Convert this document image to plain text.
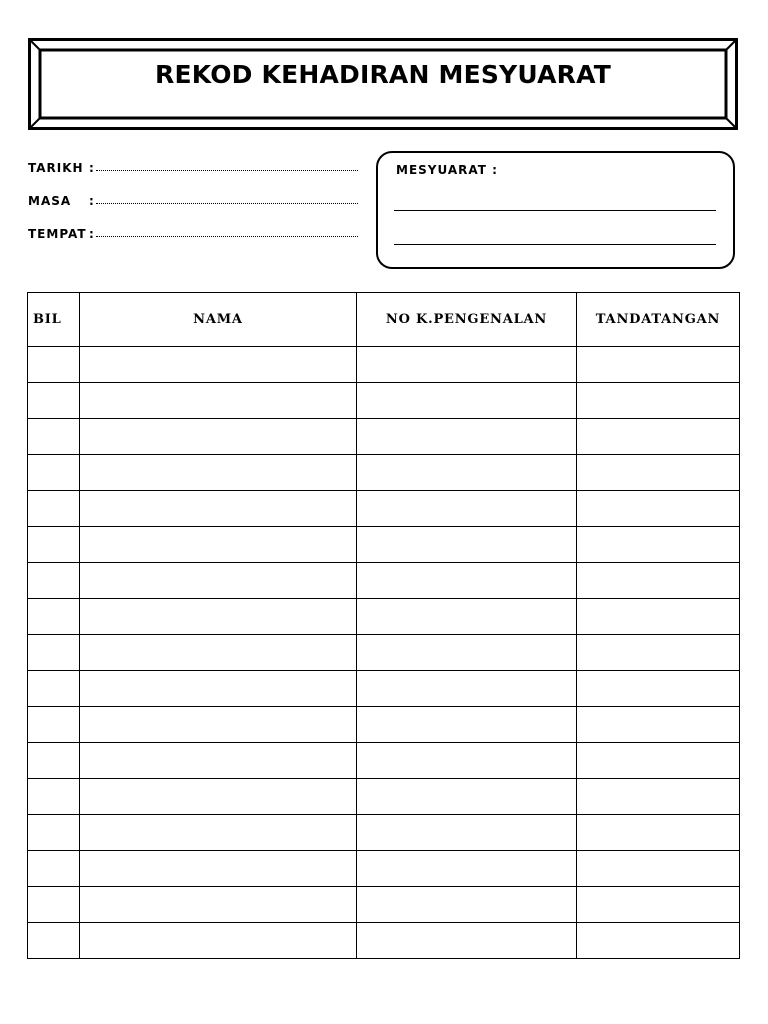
REKOD KEHADIRAN MESYUARAT
TARIKH :
MASA :
TEMPAT :
MESYUARAT :
BIL	NAMA	NO K.PENGENALAN	TANDATANGAN
